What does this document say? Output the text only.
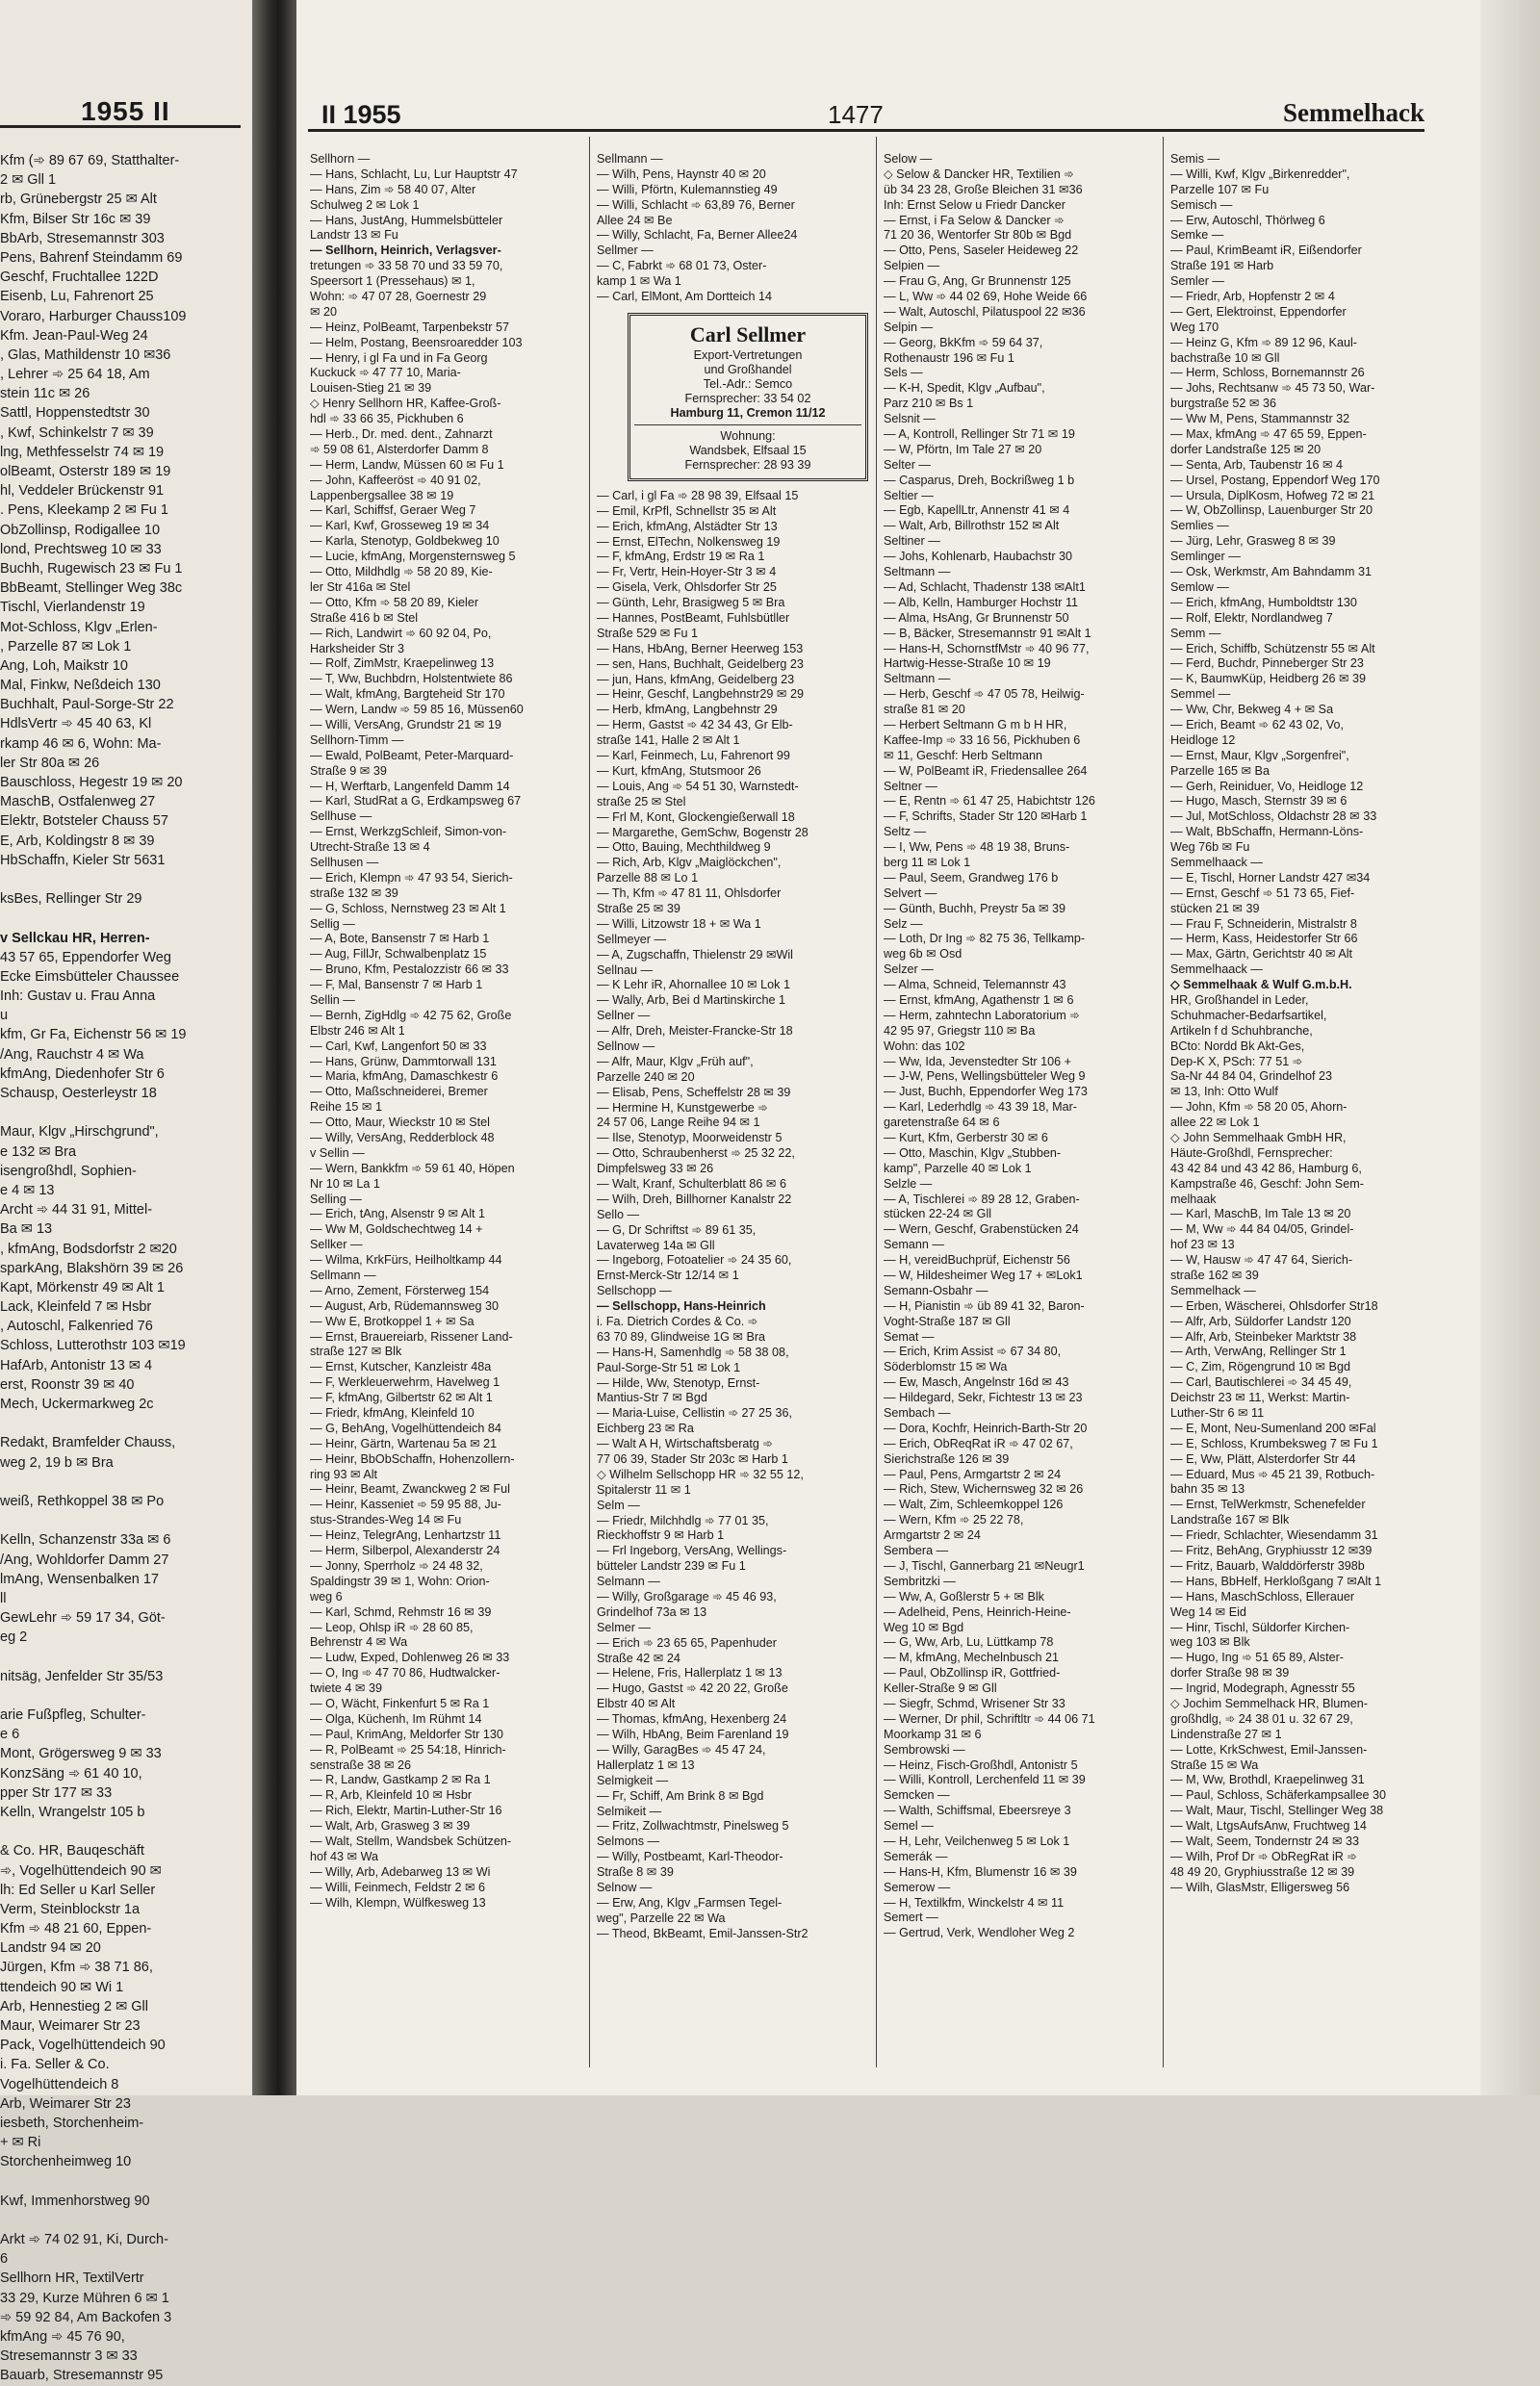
1955 II
Kfm (➾ 89 67 69, Statthalter-
2 ✉ Gll 1
rb, Grünebergstr 25 ✉ Alt
Kfm, Bilser Str 16c ✉ 39
BbArb, Stresemannstr 303
Pens, Bahrenf Steindamm 69
Geschf, Fruchtallee 122D
Eisenb, Lu, Fahrenort 25
Voraro, Harburger Chauss109
Kfm. Jean-Paul-Weg 24
, Glas, Mathildenstr 10 ✉36
, Lehrer ➾ 25 64 18, Am
stein 11c ✉ 26
Sattl, Hoppenstedtstr 30
, Kwf, Schinkelstr 7 ✉ 39
lng, Methfesselstr 74 ✉ 19
olBeamt, Osterstr 189 ✉ 19
hl, Veddeler Brückenstr 91
. Pens, Kleekamp 2 ✉ Fu 1
ObZollinsp, Rodigallee 10
lond, Prechtsweg 10 ✉ 33
Buchh, Rugewisch 23 ✉ Fu 1
BbBeamt, Stellinger Weg 38c
Tischl, Vierlandenstr 19
Mot-Schloss, Klgv „Erlen-
, Parzelle 87 ✉ Lok 1
Ang, Loh, Maikstr 10
Mal, Finkw, Neßdeich 130
Buchhalt, Paul-Sorge-Str 22
HdlsVertr ➾ 45 40 63, Kl
rkamp 46 ✉ 6, Wohn: Ma-
ler Str 80a ✉ 26
Bauschloss, Hegestr 19 ✉ 20
MaschB, Ostfalenweg 27
Elektr, Botsteler Chauss 57
E, Arb, Koldingstr 8 ✉ 39
HbSchaffn, Kieler Str 5631
ksBes, Rellinger Str 29
v Sellckau HR, Herren-
43 57 65, Eppendorfer Weg
Ecke Eimsbütteler Chaussee
Inh: Gustav u. Frau Anna
u
kfm, Gr Fa, Eichenstr 56 ✉ 19
/Ang, Rauchstr 4 ✉ Wa
kfmAng, Diedenhofer Str 6
Schausp, Oesterleystr 18
Maur, Klgv „Hirschgrund",
e 132 ✉ Bra
isengroßhdl, Sophien-
e 4 ✉ 13
Archt ➾ 44 31 91, Mittel-
Ba ✉ 13
, kfmAng, Bodsdorfstr 2 ✉20
sparkAng, Blakshörn 39 ✉ 26
Kapt, Mörkenstr 49 ✉ Alt 1
Lack, Kleinfeld 7 ✉ Hsbr
, Autoschl, Falkenried 76
Schloss, Lutterothstr 103 ✉19
HafArb, Antonistr 13 ✉ 4
erst, Roonstr 39 ✉ 40
Mech, Uckermarkweg 2c
Redakt, Bramfelder Chauss,
weg 2, 19 b ✉ Bra
weiß, Rethkoppel 38 ✉ Po
Kelln, Schanzenstr 33a ✉ 6
/Ang, Wohldorfer Damm 27
lmAng, Wensenbalken 17
ll
GewLehr ➾ 59 17 34, Göt-
eg 2
nitsäg, Jenfelder Str 35/53
arie Fußpfleg, Schulter-
e 6
Mont, Grögersweg 9 ✉ 33
KonzSäng ➾ 61 40 10,
pper Str 177 ✉ 33
Kelln, Wrangelstr 105 b
& Co. HR, Bauqeschäft
➾, Vogelhüttendeich 90 ✉
lh: Ed Seller u Karl Seller
Verm, Steinblockstr 1a
Kfm ➾ 48 21 60, Eppen-
Landstr 94 ✉ 20
Jürgen, Kfm ➾ 38 71 86,
ttendeich 90 ✉ Wi 1
Arb, Hennestieg 2 ✉ Gll
Maur, Weimarer Str 23
Pack, Vogelhüttendeich 90
i. Fa. Seller & Co.
Vogelhüttendeich 8
Arb, Weimarer Str 23
iesbeth, Storchenheim-
+ ✉ Ri
Storchenheimweg 10
Kwf, Immenhorstweg 90
Arkt ➾ 74 02 91, Ki, Durch-
6
Sellhorn HR, TextilVertr
33 29, Kurze Mühren 6 ✉ 1
➾ 59 92 84, Am Backofen 3
kfmAng ➾ 45 76 90,
Stresemannstr 3 ✉ 33
Bauarb, Stresemannstr 95
II 1955	1477	Semmelhack
Sellhorn —
— Hans, Schlacht, Lu, Lur Hauptstr 47
— Hans, Zim ➾ 58 40 07, Alter
Schulweg 2 ✉ Lok 1
— Hans, JustAng, Hummelsbütteler
Landstr 13 ✉ Fu
— Sellhorn, Heinrich, Verlagsver-
tretungen ➾ 33 58 70 und 33 59 70,
Speersort 1 (Pressehaus) ✉ 1,
Wohn: ➾ 47 07 28, Goernestr 29
✉ 20
— Heinz, PolBeamt, Tarpenbekstr 57
— Helm, Postang, Beensroaredder 103
— Henry, i gl Fa und in Fa Georg
Kuckuck ➾ 47 77 10, Maria-
Louisen-Stieg 21 ✉ 39
◇ Henry Sellhorn HR, Kaffee-Groß-
hdl ➾ 33 66 35, Pickhuben 6
— Herb., Dr. med. dent., Zahnarzt
➾ 59 08 61, Alsterdorfer Damm 8
— Herm, Landw, Müssen 60 ✉ Fu 1
— John, Kaffeeröst ➾ 40 91 02,
Lappenbergsallee 38 ✉ 19
— Karl, Schiffsf, Geraer Weg 7
— Karl, Kwf, Grosseweg 19 ✉ 34
— Karla, Stenotyp, Goldbekweg 10
— Lucie, kfmAng, Morgensternsweg 5
— Otto, Mildhdlg ➾ 58 20 89, Kie-
ler Str 416a ✉ Stel
— Otto, Kfm ➾ 58 20 89, Kieler
Straße 416 b ✉ Stel
— Rich, Landwirt ➾ 60 92 04, Po,
Harksheider Str 3
— Rolf, ZimMstr, Kraepelinweg 13
— T, Ww, Buchbdrn, Holstentwiete 86
— Walt, kfmAng, Bargteheid Str 170
— Wern, Landw ➾ 59 85 16, Müssen60
— Willi, VersAng, Grundstr 21 ✉ 19
Sellhorn-Timm —
— Ewald, PolBeamt, Peter-Marquard-
Straße 9 ✉ 39
— H, Werftarb, Langenfeld Damm 14
— Karl, StudRat a G, Erdkampsweg 67
Sellhuse —
— Ernst, WerkzgSchleif, Simon-von-
Utrecht-Straße 13 ✉ 4
Sellhusen —
— Erich, Klempn ➾ 47 93 54, Sierich-
straße 132 ✉ 39
— G, Schloss, Nernstweg 23 ✉ Alt 1
Sellig —
— A, Bote, Bansenstr 7 ✉ Harb 1
— Aug, FillJr, Schwalbenplatz 15
— Bruno, Kfm, Pestalozzistr 66 ✉ 33
— F, Mal, Bansenstr 7 ✉ Harb 1
Sellin —
— Bernh, ZigHdlg ➾ 42 75 62, Große
Elbstr 246 ✉ Alt 1
— Carl, Kwf, Langenfort 50 ✉ 33
— Hans, Grünw, Dammtorwall 131
— Maria, kfmAng, Damaschkestr 6
— Otto, Maßschneiderei, Bremer
Reihe 15 ✉ 1
— Otto, Maur, Wieckstr 10 ✉ Stel
— Willy, VersAng, Redderblock 48
v Sellin —
— Wern, Bankkfm ➾ 59 61 40, Höpen
Nr 10 ✉ La 1
Selling —
— Erich, tAng, Alsenstr 9 ✉ Alt 1
— Ww M, Goldschechtweg 14 +
Sellker —
— Wilma, KrkFürs, Heilholtkamp 44
Sellmann —
— Arno, Zement, Försterweg 154
— August, Arb, Rüdemannsweg 30
— Ww E, Brotkoppel 1 + ✉ Sa
— Ernst, Brauereiarb, Rissener Land-
straße 127 ✉ Blk
— Ernst, Kutscher, Kanzleistr 48a
— F, Werkleuerwehrm, Havelweg 1
— F, kfmAng, Gilbertstr 62 ✉ Alt 1
— Friedr, kfmAng, Kleinfeld 10
— G, BehAng, Vogelhüttendeich 84
— Heinr, Gärtn, Wartenau 5a ✉ 21
— Heinr, BbObSchaffn, Hohenzollern-
ring 93 ✉ Alt
— Heinr, Beamt, Zwanckweg 2 ✉ Ful
— Heinr, Kasseniet ➾ 59 95 88, Ju-
stus-Strandes-Weg 14 ✉ Fu
— Heinz, TelegrAng, Lenhartzstr 11
— Herm, Silberpol, Alexanderstr 24
— Jonny, Sperrholz ➾ 24 48 32,
Spaldingstr 39 ✉ 1, Wohn: Orion-
weg 6
— Karl, Schmd, Rehmstr 16 ✉ 39
— Leop, Ohlsp iR ➾ 28 60 85,
Behrenstr 4 ✉ Wa
— Ludw, Exped, Dohlenweg 26 ✉ 33
— O, Ing ➾ 47 70 86, Hudtwalcker-
twiete 4 ✉ 39
— O, Wächt, Finkenfurt 5 ✉ Ra 1
— Olga, Küchenh, Im Rühmt 14
— Paul, KrimAng, Meldorfer Str 130
— R, PolBeamt ➾ 25 54:18, Hinrich-
senstraße 38 ✉ 26
— R, Landw, Gastkamp 2 ✉ Ra 1
— R, Arb, Kleinfeld 10 ✉ Hsbr
— Rich, Elektr, Martin-Luther-Str 16
— Walt, Arb, Grasweg 3 ✉ 39
— Walt, Stellm, Wandsbek Schützen-
hof 43 ✉ Wa
— Willy, Arb, Adebarweg 13 ✉ Wi
— Willi, Feinmech, Feldstr 2 ✉ 6
— Wilh, Klempn, Wülfkesweg 13
Sellmann —
— Wilh, Pens, Haynstr 40 ✉ 20
— Willi, Pförtn, Kulemannstieg 49
— Willi, Schlacht ➾ 63,89 76, Berner
Allee 24 ✉ Be
— Willy, Schlacht, Fa, Berner Allee24
Sellmer —
— C, Fabrkt ➾ 68 01 73, Oster-
kamp 1 ✉ Wa 1
— Carl, ElMont, Am Dortteich 14
Carl Sellmer
Export-Vertretungen
und Großhandel
Tel.-Adr.: Semco
Fernsprecher: 33 54 02
Hamburg 11, Cremon 11/12
Wohnung:
Wandsbek, Elfsaal 15
Fernsprecher: 28 93 39
— Carl, i gl Fa ➾ 28 98 39, Elfsaal 15
— Emil, KrPfl, Schnellstr 35 ✉ Alt
— Erich, kfmAng, Alstädter Str 13
— Ernst, ElTechn, Nolkensweg 19
— F, kfmAng, Erdstr 19 ✉ Ra 1
— Fr, Vertr, Hein-Hoyer-Str 3 ✉ 4
— Gisela, Verk, Ohlsdorfer Str 25
— Günth, Lehr, Brasigweg 5 ✉ Bra
— Hannes, PostBeamt, Fuhlsbütller
Straße 529 ✉ Fu 1
— Hans, HbAng, Berner Heerweg 153
— sen, Hans, Buchhalt, Geidelberg 23
— jun, Hans, kfmAng, Geidelberg 23
— Heinr, Geschf, Langbehnstr29 ✉ 29
— Herb, kfmAng, Langbehnstr 29
— Herm, Gastst ➾ 42 34 43, Gr Elb-
straße 141, Halle 2 ✉ Alt 1
— Karl, Feinmech, Lu, Fahrenort 99
— Kurt, kfmAng, Stutsmoor 26
— Louis, Ang ➾ 54 51 30, Warnstedt-
straße 25 ✉ Stel
— Frl M, Kont, Glockengießerwall 18
— Margarethe, GemSchw, Bogenstr 28
— Otto, Bauing, Mechthildweg 9
— Rich, Arb, Klgv „Maiglöckchen",
Parzelle 88 ✉ Lo 1
— Th, Kfm ➾ 47 81 11, Ohlsdorfer
Straße 25 ✉ 39
— Willi, Litzowstr 18 + ✉ Wa 1
Sellmeyer —
— A, Zugschaffn, Thielenstr 29 ✉Wil
Sellnau —
— K Lehr iR, Ahornallee 10 ✉ Lok 1
— Wally, Arb, Bei d Martinskirche 1
Sellner —
— Alfr, Dreh, Meister-Francke-Str 18
Sellnow —
— Alfr, Maur, Klgv „Früh auf",
Parzelle 240 ✉ 20
— Elisab, Pens, Scheffelstr 28 ✉ 39
— Hermine H, Kunstgewerbe ➾
24 57 06, Lange Reihe 94 ✉ 1
— Ilse, Stenotyp, Moorweidenstr 5
— Otto, Schraubenherst ➾ 25 32 22,
Dimpfelsweg 33 ✉ 26
— Walt, Kranf, Schulterblatt 86 ✉ 6
— Wilh, Dreh, Billhorner Kanalstr 22
Sello —
— G, Dr Schriftst ➾ 89 61 35,
Lavaterweg 14a ✉ Gll
— Ingeborg, Fotoatelier ➾ 24 35 60,
Ernst-Merck-Str 12/14 ✉ 1
Sellschopp —
— Sellschopp, Hans-Heinrich
i. Fa. Dietrich Cordes & Co. ➾
63 70 89, Glindweise 1G ✉ Bra
— Hans-H, Samenhdlg ➾ 58 38 08,
Paul-Sorge-Str 51 ✉ Lok 1
— Hilde, Ww, Stenotyp, Ernst-
Mantius-Str 7 ✉ Bgd
— Maria-Luise, Cellistin ➾ 27 25 36,
Eichberg 23 ✉ Ra
— Walt A H, Wirtschaftsberatg ➾
77 06 39, Stader Str 203c ✉ Harb 1
◇ Wilhelm Sellschopp HR ➾ 32 55 12,
Spitalerstr 11 ✉ 1
Selm —
— Friedr, Milchhdlg ➾ 77 01 35,
Rieckhoffstr 9 ✉ Harb 1
— Frl Ingeborg, VersAng, Wellings-
bütteler Landstr 239 ✉ Fu 1
Selmann —
— Willy, Großgarage ➾ 45 46 93,
Grindelhof 73a ✉ 13
Selmer —
— Erich ➾ 23 65 65, Papenhuder
Straße 42 ✉ 24
— Helene, Fris, Hallerplatz 1 ✉ 13
— Hugo, Gastst ➾ 42 20 22, Große
Elbstr 40 ✉ Alt
— Thomas, kfmAng, Hexenberg 24
— Wilh, HbAng, Beim Farenland 19
— Willy, GaragBes ➾ 45 47 24,
Hallerplatz 1 ✉ 13
Selmigkeit —
— Fr, Schiff, Am Brink 8 ✉ Bgd
Selmikeit —
— Fritz, Zollwachtmstr, Pinelsweg 5
Selmons —
— Willy, Postbeamt, Karl-Theodor-
Straße 8 ✉ 39
Selnow —
— Erw, Ang, Klgv „Farmsen Tegel-
weg", Parzelle 22 ✉ Wa
— Theod, BkBeamt, Emil-Janssen-Str2
Selow —
◇ Selow & Dancker HR, Textilien ➾
üb 34 23 28, Große Bleichen 31 ✉36
Inh: Ernst Selow u Friedr Dancker
— Ernst, i Fa Selow & Dancker ➾
71 20 36, Wentorfer Str 80b ✉ Bgd
— Otto, Pens, Saseler Heideweg 22
Selpien —
— Frau G, Ang, Gr Brunnenstr 125
— L, Ww ➾ 44 02 69, Hohe Weide 66
— Walt, Autoschl, Pilatuspool 22 ✉36
Selpin —
— Georg, BkKfm ➾ 59 64 37,
Rothenaustr 196 ✉ Fu 1
Sels —
— K-H, Spedit, Klgv „Aufbau",
Parz 210 ✉ Bs 1
Selsnit —
— A, Kontroll, Rellinger Str 71 ✉ 19
— W, Pförtn, Im Tale 27 ✉ 20
Selter —
— Casparus, Dreh, Bockrißweg 1 b
Seltier —
— Egb, KapellLtr, Annenstr 41 ✉ 4
— Walt, Arb, Billrothstr 152 ✉ Alt
Seltiner —
— Johs, Kohlenarb, Haubachstr 30
Seltmann —
— Ad, Schlacht, Thadenstr 138 ✉Alt1
— Alb, Kelln, Hamburger Hochstr 11
— Alma, HsAng, Gr Brunnenstr 50
— B, Bäcker, Stresemannstr 91 ✉Alt 1
— Hans-H, SchornstfMstr ➾ 40 96 77,
Hartwig-Hesse-Straße 10 ✉ 19
Seltmann —
— Herb, Geschf ➾ 47 05 78, Heilwig-
straße 81 ✉ 20
— Herbert Seltmann G m b H HR,
Kaffee-Imp ➾ 33 16 56, Pickhuben 6
✉ 11, Geschf: Herb Seltmann
— W, PolBeamt iR, Friedensallee 264
Seltner —
— E, Rentn ➾ 61 47 25, Habichtstr 126
— F, Schrifts, Stader Str 120 ✉Harb 1
Seltz —
— I, Ww, Pens ➾ 48 19 38, Bruns-
berg 11 ✉ Lok 1
— Paul, Seem, Grandweg 176 b
Selvert —
— Günth, Buchh, Preystr 5a ✉ 39
Selz —
— Loth, Dr Ing ➾ 82 75 36, Tellkamp-
weg 6b ✉ Osd
Selzer —
— Alma, Schneid, Telemannstr 43
— Ernst, kfmAng, Agathenstr 1 ✉ 6
— Herm, zahntechn Laboratorium ➾
42 95 97, Griegstr 110 ✉ Ba
Wohn: das 102
— Ww, Ida, Jevenstedter Str 106 +
— J-W, Pens, Wellingsbütteler Weg 9
— Just, Buchh, Eppendorfer Weg 173
— Karl, Lederhdlg ➾ 43 39 18, Mar-
garetenstraße 64 ✉ 6
— Kurt, Kfm, Gerberstr 30 ✉ 6
— Otto, Maschin, Klgv „Stubben-
kamp", Parzelle 40 ✉ Lok 1
Selzle —
— A, Tischlerei ➾ 89 28 12, Graben-
stücken 22-24 ✉ Gll
— Wern, Geschf, Grabenstücken 24
Semann —
— H, vereidBuchprüf, Eichenstr 56
— W, Hildesheimer Weg 17 + ✉Lok1
Semann-Osbahr —
— H, Pianistin ➾ üb 89 41 32, Baron-
Voght-Straße 187 ✉ Gll
Semat —
— Erich, Krim Assist ➾ 67 34 80,
Söderblomstr 15 ✉ Wa
— Ew, Masch, Angelnstr 16d ✉ 43
— Hildegard, Sekr, Fichtestr 13 ✉ 23
Sembach —
— Dora, Kochfr, Heinrich-Barth-Str 20
— Erich, ObReqRat iR ➾ 47 02 67,
Sierichstraße 126 ✉ 39
— Paul, Pens, Armgartstr 2 ✉ 24
— Rich, Stew, Wichernsweg 32 ✉ 26
— Walt, Zim, Schleemkoppel 126
— Wern, Kfm ➾ 25 22 78,
Armgartstr 2 ✉ 24
Sembera —
— J, Tischl, Gannerbarg 21 ✉Neugr1
Sembritzki —
— Ww, A, Goßlerstr 5 + ✉ Blk
— Adelheid, Pens, Heinrich-Heine-
Weg 10 ✉ Bgd
— G, Ww, Arb, Lu, Lüttkamp 78
— M, kfmAng, Mechelnbusch 21
— Paul, ObZollinsp iR, Gottfried-
Keller-Straße 9 ✉ Gll
— Siegfr, Schmd, Wrisener Str 33
— Werner, Dr phil, Schriftltr ➾ 44 06 71
Moorkamp 31 ✉ 6
Sembrowski —
— Heinz, Fisch-Großhdl, Antonistr 5
— Willi, Kontroll, Lerchenfeld 11 ✉ 39
Semcken —
— Walth, Schiffsmal, Ebeersreye 3
Semel —
— H, Lehr, Veilchenweg 5 ✉ Lok 1
Semerák —
— Hans-H, Kfm, Blumenstr 16 ✉ 39
Semerow —
— H, Textilkfm, Winckelstr 4 ✉ 11
Semert —
— Gertrud, Verk, Wendloher Weg 2
Semis —
— Willi, Kwf, Klgv „Birkenredder",
Parzelle 107 ✉ Fu
Semisch —
— Erw, Autoschl, Thörlweg 6
Semke —
— Paul, KrimBeamt iR, Eißendorfer
Straße 191 ✉ Harb
Semler —
— Friedr, Arb, Hopfenstr 2 ✉ 4
— Gert, Elektroinst, Eppendorfer
Weg 170
— Heinz G, Kfm ➾ 89 12 96, Kaul-
bachstraße 10 ✉ Gll
— Herm, Schloss, Bornemannstr 26
— Johs, Rechtsanw ➾ 45 73 50, War-
burgstraße 52 ✉ 36
— Ww M, Pens, Stammannstr 32
— Max, kfmAng ➾ 47 65 59, Eppen-
dorfer Landstraße 125 ✉ 20
— Senta, Arb, Taubenstr 16 ✉ 4
— Ursel, Postang, Eppendorf Weg 170
— Ursula, DiplKosm, Hofweg 72 ✉ 21
— W, ObZollinsp, Lauenburger Str 20
Semlies —
— Jürg, Lehr, Grasweg 8 ✉ 39
Semlinger —
— Osk, Werkmstr, Am Bahndamm 31
Semlow —
— Erich, kfmAng, Humboldtstr 130
— Rolf, Elektr, Nordlandweg 7
Semm —
— Erich, Schiffb, Schützenstr 55 ✉ Alt
— Ferd, Buchdr, Pinneberger Str 23
— K, BaumwKüp, Heidberg 26 ✉ 39
Semmel —
— Ww, Chr, Bekweg 4 + ✉ Sa
— Erich, Beamt ➾ 62 43 02, Vo,
Heidloge 12
— Ernst, Maur, Klgv „Sorgenfrei",
Parzelle 165 ✉ Ba
— Gerh, Reiniduer, Vo, Heidloge 12
— Hugo, Masch, Sternstr 39 ✉ 6
— Jul, MotSchloss, Oldachstr 28 ✉ 33
— Walt, BbSchaffn, Hermann-Löns-
Weg 76b ✉ Fu
Semmelhaack —
— E, Tischl, Horner Landstr 427 ✉34
— Ernst, Geschf ➾ 51 73 65, Fief-
stücken 21 ✉ 39
— Frau F, Schneiderin, Mistralstr 8
— Herm, Kass, Heidestorfer Str 66
— Max, Gärtn, Gerichtstr 40 ✉ Alt
Semmelhaack —
◇ Semmelhaak & Wulf G.m.b.H.
HR, Großhandel in Leder,
Schuhmacher-Bedarfsartikel,
Artikeln f d Schuhbranche,
BCto: Nordd Bk Akt-Ges,
Dep-K X, PSch: 77 51 ➾
Sa-Nr 44 84 04, Grindelhof 23
✉ 13, Inh: Otto Wulf
— John, Kfm ➾ 58 20 05, Ahorn-
allee 22 ✉ Lok 1
◇ John Semmelhaak GmbH HR,
Häute-Großhdl, Fernsprecher:
43 42 84 und 43 42 86, Hamburg 6,
Kampstraße 46, Geschf: John Sem-
melhaak
— Karl, MaschB, Im Tale 13 ✉ 20
— M, Ww ➾ 44 84 04/05, Grindel-
hof 23 ✉ 13
— W, Hausw ➾ 47 47 64, Sierich-
straße 162 ✉ 39
Semmelhack —
— Erben, Wäscherei, Ohlsdorfer Str18
— Alfr, Arb, Süldorfer Landstr 120
— Alfr, Arb, Steinbeker Marktstr 38
— Arth, VerwAng, Rellinger Str 1
— C, Zim, Rögengrund 10 ✉ Bgd
— Carl, Bautischlerei ➾ 34 45 49,
Deichstr 23 ✉ 11, Werkst: Martin-
Luther-Str 6 ✉ 11
— E, Mont, Neu-Sumenland 200 ✉Fal
— E, Schloss, Krumbeksweg 7 ✉ Fu 1
— E, Ww, Plätt, Alsterdorfer Str 44
— Eduard, Mus ➾ 45 21 39, Rotbuch-
bahn 35 ✉ 13
— Ernst, TelWerkmstr, Schenefelder
Landstraße 167 ✉ Blk
— Friedr, Schlachter, Wiesendamm 31
— Fritz, BehAng, Gryphiusstr 12 ✉39
— Fritz, Bauarb, Walddörferstr 398b
— Hans, BbHelf, Herkloßgang 7 ✉Alt 1
— Hans, MaschSchloss, Ellerauer
Weg 14 ✉ Eid
— Hinr, Tischl, Süldorfer Kirchen-
weg 103 ✉ Blk
— Hugo, Ing ➾ 51 65 89, Alster-
dorfer Straße 98 ✉ 39
— Ingrid, Modegraph, Agnesstr 55
◇ Jochim Semmelhack HR, Blumen-
großhdlg, ➾ 24 38 01 u. 32 67 29,
Lindenstraße 27 ✉ 1
— Lotte, KrkSchwest, Emil-Janssen-
Straße 15 ✉ Wa
— M, Ww, Brothdl, Kraepelinweg 31
— Paul, Schloss, Schäferkampsallee 30
— Walt, Maur, Tischl, Stellinger Weg 38
— Walt, LtgsAufsAnw, Fruchtweg 14
— Walt, Seem, Tondernstr 24 ✉ 33
— Wilh, Prof Dr ➾ ObRegRat iR ➾
48 49 20, Gryphiusstraße 12 ✉ 39
— Wilh, GlasMstr, Elligersweg 56
